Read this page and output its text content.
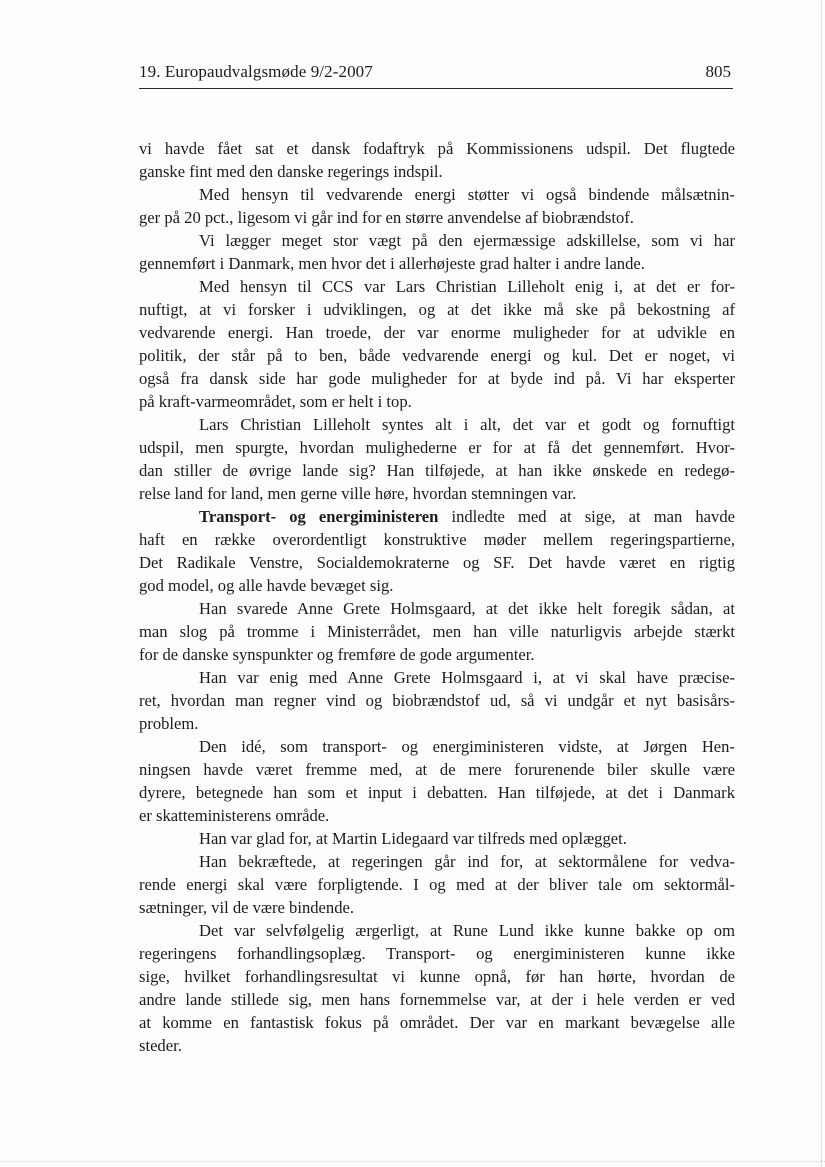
19. Europaudvalgsmøde 9/2-2007	805
vi havde fået sat et dansk fodaftryk på Kommissionens udspil. Det flugtede
ganske fint med den danske regerings indspil.
Med hensyn til vedvarende energi støtter vi også bindende målsætnin-
ger på 20 pct., ligesom vi går ind for en større anvendelse af biobrændstof.
Vi lægger meget stor vægt på den ejermæssige adskillelse, som vi har
gennemført i Danmark, men hvor det i allerhøjeste grad halter i andre lande.
Med hensyn til CCS var Lars Christian Lilleholt enig i, at det er for-
nuftigt, at vi forsker i udviklingen, og at det ikke må ske på bekostning af
vedvarende energi. Han troede, der var enorme muligheder for at udvikle en
politik, der står på to ben, både vedvarende energi og kul. Det er noget, vi
også fra dansk side har gode muligheder for at byde ind på. Vi har eksperter
på kraft-varmeområdet, som er helt i top.
Lars Christian Lilleholt syntes alt i alt, det var et godt og fornuftigt
udspil, men spurgte, hvordan mulighederne er for at få det gennemført. Hvor-
dan stiller de øvrige lande sig? Han tilføjede, at han ikke ønskede en redegø-
relse land for land, men gerne ville høre, hvordan stemningen var.
Transport- og energiministeren indledte med at sige, at man havde
haft en række overordentligt konstruktive møder mellem regeringspartierne,
Det Radikale Venstre, Socialdemokraterne og SF. Det havde været en rigtig
god model, og alle havde bevæget sig.
Han svarede Anne Grete Holmsgaard, at det ikke helt foregik sådan, at
man slog på tromme i Ministerrådet, men han ville naturligvis arbejde stærkt
for de danske synspunkter og fremføre de gode argumenter.
Han var enig med Anne Grete Holmsgaard i, at vi skal have præcise-
ret, hvordan man regner vind og biobrændstof ud, så vi undgår et nyt basisårs-
problem.
Den idé, som transport- og energiministeren vidste, at Jørgen Hen-
ningsen havde været fremme med, at de mere forurenende biler skulle være
dyrere, betegnede han som et input i debatten. Han tilføjede, at det i Danmark
er skatteministerens område.
Han var glad for, at Martin Lidegaard var tilfreds med oplægget.
Han bekræftede, at regeringen går ind for, at sektormålene for vedva-
rende energi skal være forpligtende. I og med at der bliver tale om sektormål-
sætninger, vil de være bindende.
Det var selvfølgelig ærgerligt, at Rune Lund ikke kunne bakke op om
regeringens forhandlingsoplæg. Transport- og energiministeren kunne ikke
sige, hvilket forhandlingsresultat vi kunne opnå, før han hørte, hvordan de
andre lande stillede sig, men hans fornemmelse var, at der i hele verden er ved
at komme en fantastisk fokus på området. Der var en markant bevægelse alle
steder.
